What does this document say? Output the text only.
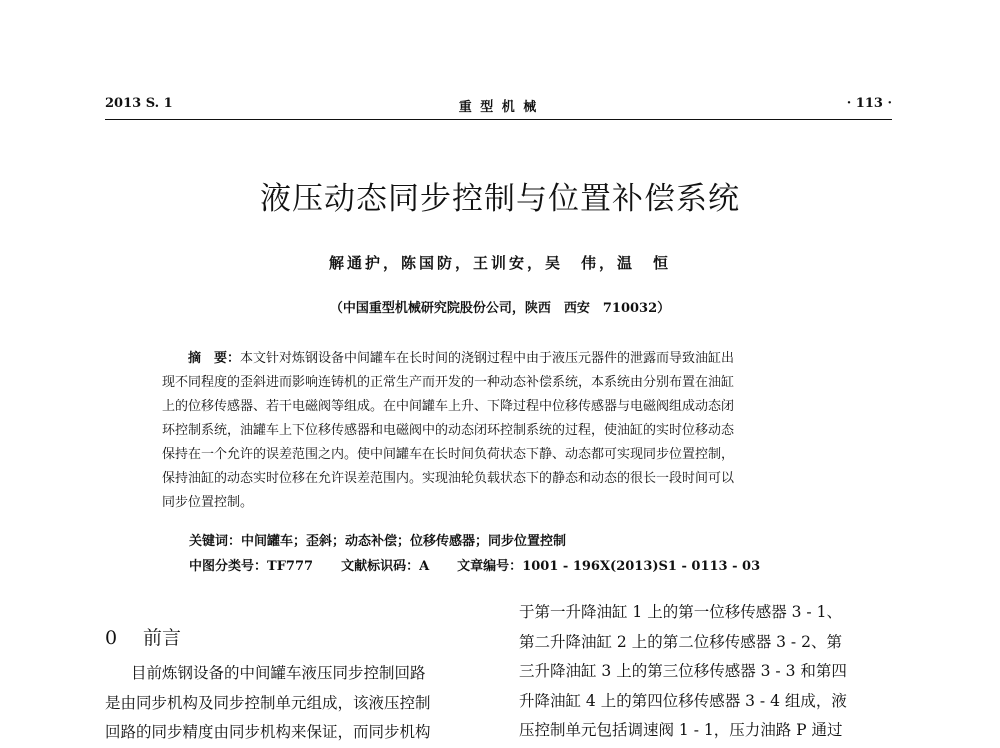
2013 S. 1	重 型 机 械	· 113 ·
液压动态同步控制与位置补偿系统
解通护，陈国防，王训安，吴　伟，温　恒
（中国重型机械研究院股份公司，陕西　西安　710032）
摘　要：本文针对炼钢设备中间罐车在长时间的浇钢过程中由于液压元器件的泄露而导致油缸出
现不同程度的歪斜进而影响连铸机的正常生产而开发的一种动态补偿系统，本系统由分别布置在油缸
上的位移传感器、若干电磁阀等组成。在中间罐车上升、下降过程中位移传感器与电磁阀组成动态闭
环控制系统，油罐车上下位移传感器和电磁阀中的动态闭环控制系统的过程，使油缸的实时位移动态
保持在一个允许的误差范围之内。使中间罐车在长时间负荷状态下静、动态都可实现同步位置控制，
保持油缸的动态实时位移在允许误差范围内。实现油轮负载状态下的静态和动态的很长一段时间可以
同步位置控制。
关键词：中间罐车；歪斜；动态补偿；位移传感器；同步位置控制
中图分类号：TF777 文献标识码：A 文章编号：1001 - 196X(2013)S1 - 0113 - 03
0 前言
目前炼钢设备的中间罐车液压同步控制回路
是由同步机构及同步控制单元组成，该液压控制
回路的同步精度由同步机构来保证，而同步机构
于第一升降油缸 1 上的第一位移传感器 3 - 1、
第二升降油缸 2 上的第二位移传感器 3 - 2、第
三升降油缸 3 上的第三位移传感器 3 - 3 和第四
升降油缸 4 上的第四位移传感器 3 - 4 组成，液
压控制单元包括调速阀 1 - 1，压力油路 P 通过
